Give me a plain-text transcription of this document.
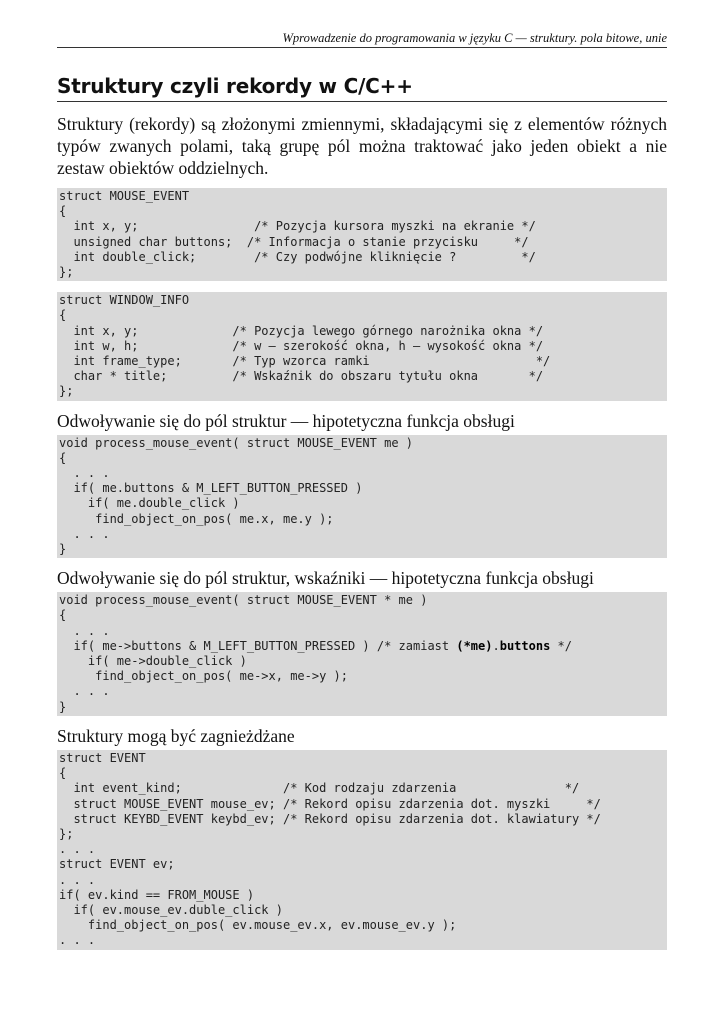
Wprowadzenie do programowania w języku C — struktury. pola bitowe, unie
Struktury czyli rekordy w C/C++
Struktury (rekordy) są złożonymi zmiennymi, składającymi się z elementów różnych typów zwanych polami, taką grupę pól można traktować jako jeden obiekt a nie zestaw obiektów oddzielnych.
struct MOUSE_EVENT
{
int x, y;                /* Pozycja kursora myszki na ekranie */
unsigned char buttons;  /* Informacja o stanie przycisku     */
int double_click;        /* Czy podwójne kliknięcie ?         */
};
struct WINDOW_INFO
{
int x, y;             /* Pozycja lewego górnego narożnika okna */
int w, h;             /* w – szerokość okna, h – wysokość okna */
int frame_type;       /* Typ wzorca ramki                       */
char * title;         /* Wskaźnik do obszaru tytułu okna       */
};
Odwoływanie się do pól struktur — hipotetyczna funkcja obsługi
void process_mouse_event( struct MOUSE_EVENT me )
{
. . .
if( me.buttons & M_LEFT_BUTTON_PRESSED )
if( me.double_click )
find_object_on_pos( me.x, me.y );
. . .
}
Odwoływanie się do pól struktur, wskaźniki — hipotetyczna funkcja obsługi
void process_mouse_event( struct MOUSE_EVENT * me )
{
. . .
if( me->buttons & M_LEFT_BUTTON_PRESSED ) /* zamiast (*me).buttons */
if( me->double_click )
find_object_on_pos( me->x, me->y );
. . .
}
Struktury mogą być zagnieżdżane
struct EVENT
{
int event_kind;              /* Kod rodzaju zdarzenia               */
struct MOUSE_EVENT mouse_ev; /* Rekord opisu zdarzenia dot. myszki     */
struct KEYBD_EVENT keybd_ev; /* Rekord opisu zdarzenia dot. klawiatury */
};
. . .
struct EVENT ev;
. . .
if( ev.kind == FROM_MOUSE )
if( ev.mouse_ev.duble_click )
find_object_on_pos( ev.mouse_ev.x, ev.mouse_ev.y );
. . .
